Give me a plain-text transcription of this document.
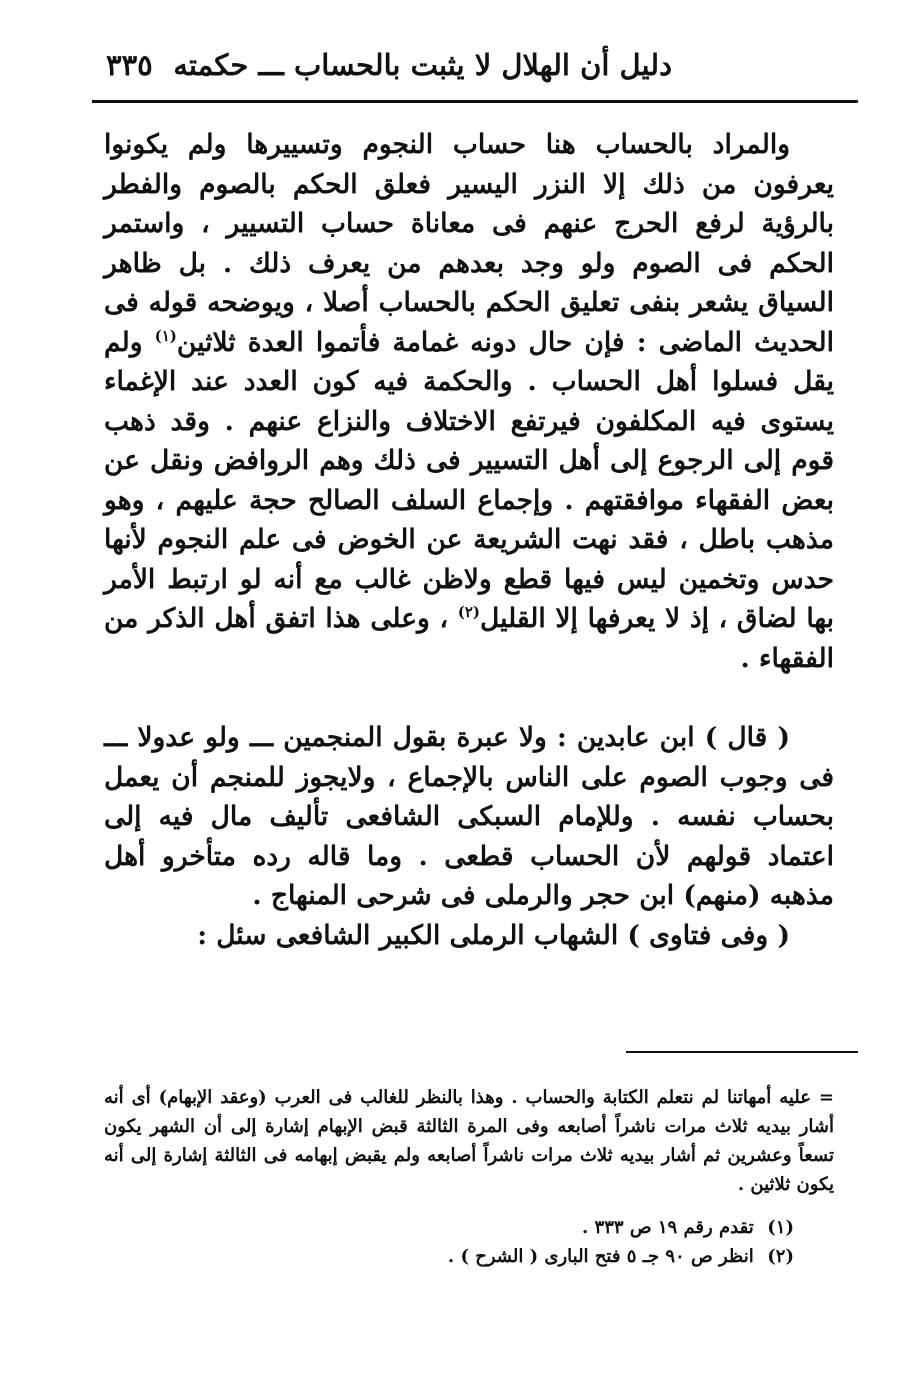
دليل أن الهلال لا يثبت بالحساب ـــ حكمته
٣٣٥

والمراد بالحساب هنا حساب النجوم وتسييرها ولم يكونوا يعرفون من ذلك إلا النزر اليسير فعلق الحكم بالصوم والفطر بالرؤية لرفع الحرج عنهم فى معاناة حساب التسيير ، واستمر الحكم فى الصوم ولو وجد بعدهم من يعرف ذلك . بل ظاهر السياق يشعر بنفى تعليق الحكم بالحساب أصلا ، ويوضحه قوله فى الحديث الماضى : فإن حال دونه غمامة فأتموا العدة ثلاثين$^{(١)}$ ولم يقل فسلوا أهل الحساب . والحكمة فيه كون العدد عند الإغماء يستوى فيه المكلفون فيرتفع الاختلاف والنزاع عنهم . وقد ذهب قوم إلى الرجوع إلى أهل التسيير فى ذلك وهم الروافض ونقل عن بعض الفقهاء موافقتهم . وإجماع السلف الصالح حجة عليهم ، وهو مذهب باطل ، فقد نهت الشريعة عن الخوض فى علم النجوم لأنها حدس وتخمين ليس فيها قطع ولاظن غالب مع أنه لو ارتبط الأمر بها لضاق ، إذ لا يعرفها إلا القليل$^{(٢)}$ ، وعلى هذا اتفق أهل الذكر من الفقهاء .

( قال ) ابن عابدين : ولا عبرة بقول المنجمين ـــ ولو عدولا ـــ فى وجوب الصوم على الناس بالإجماع ، ولايجوز للمنجم أن يعمل بحساب نفسه . وللإمام السبكى الشافعى تأليف مال فيه إلى اعتماد قولهم لأن الحساب قطعى . وما قاله رده متأخرو أهل مذهبه (منهم) ابن حجر والرملى فى شرحى المنهاج .

( وفى فتاوى ) الشهاب الرملى الكبير الشافعى سئل :

= عليه أمهاتنا لم نتعلم الكتابة والحساب . وهذا بالنظر للغالب فى العرب (وعقد الإبهام) أى أنه أشار بيديه ثلاث مرات ناشراً أصابعه وفى المرة الثالثة قبض الإبهام إشارة إلى أن الشهر يكون تسعاً وعشرين ثم أشار بيديه ثلاث مرات ناشراً أصابعه ولم يقبض إبهامه فى الثالثة إشارة إلى أنه يكون ثلاثين .

(١) تقدم رقم ١٩ ص ٣٣٣ .

(٢) انظر ص ٩٠ جـ ٥ فتح البارى ( الشرح ) .
